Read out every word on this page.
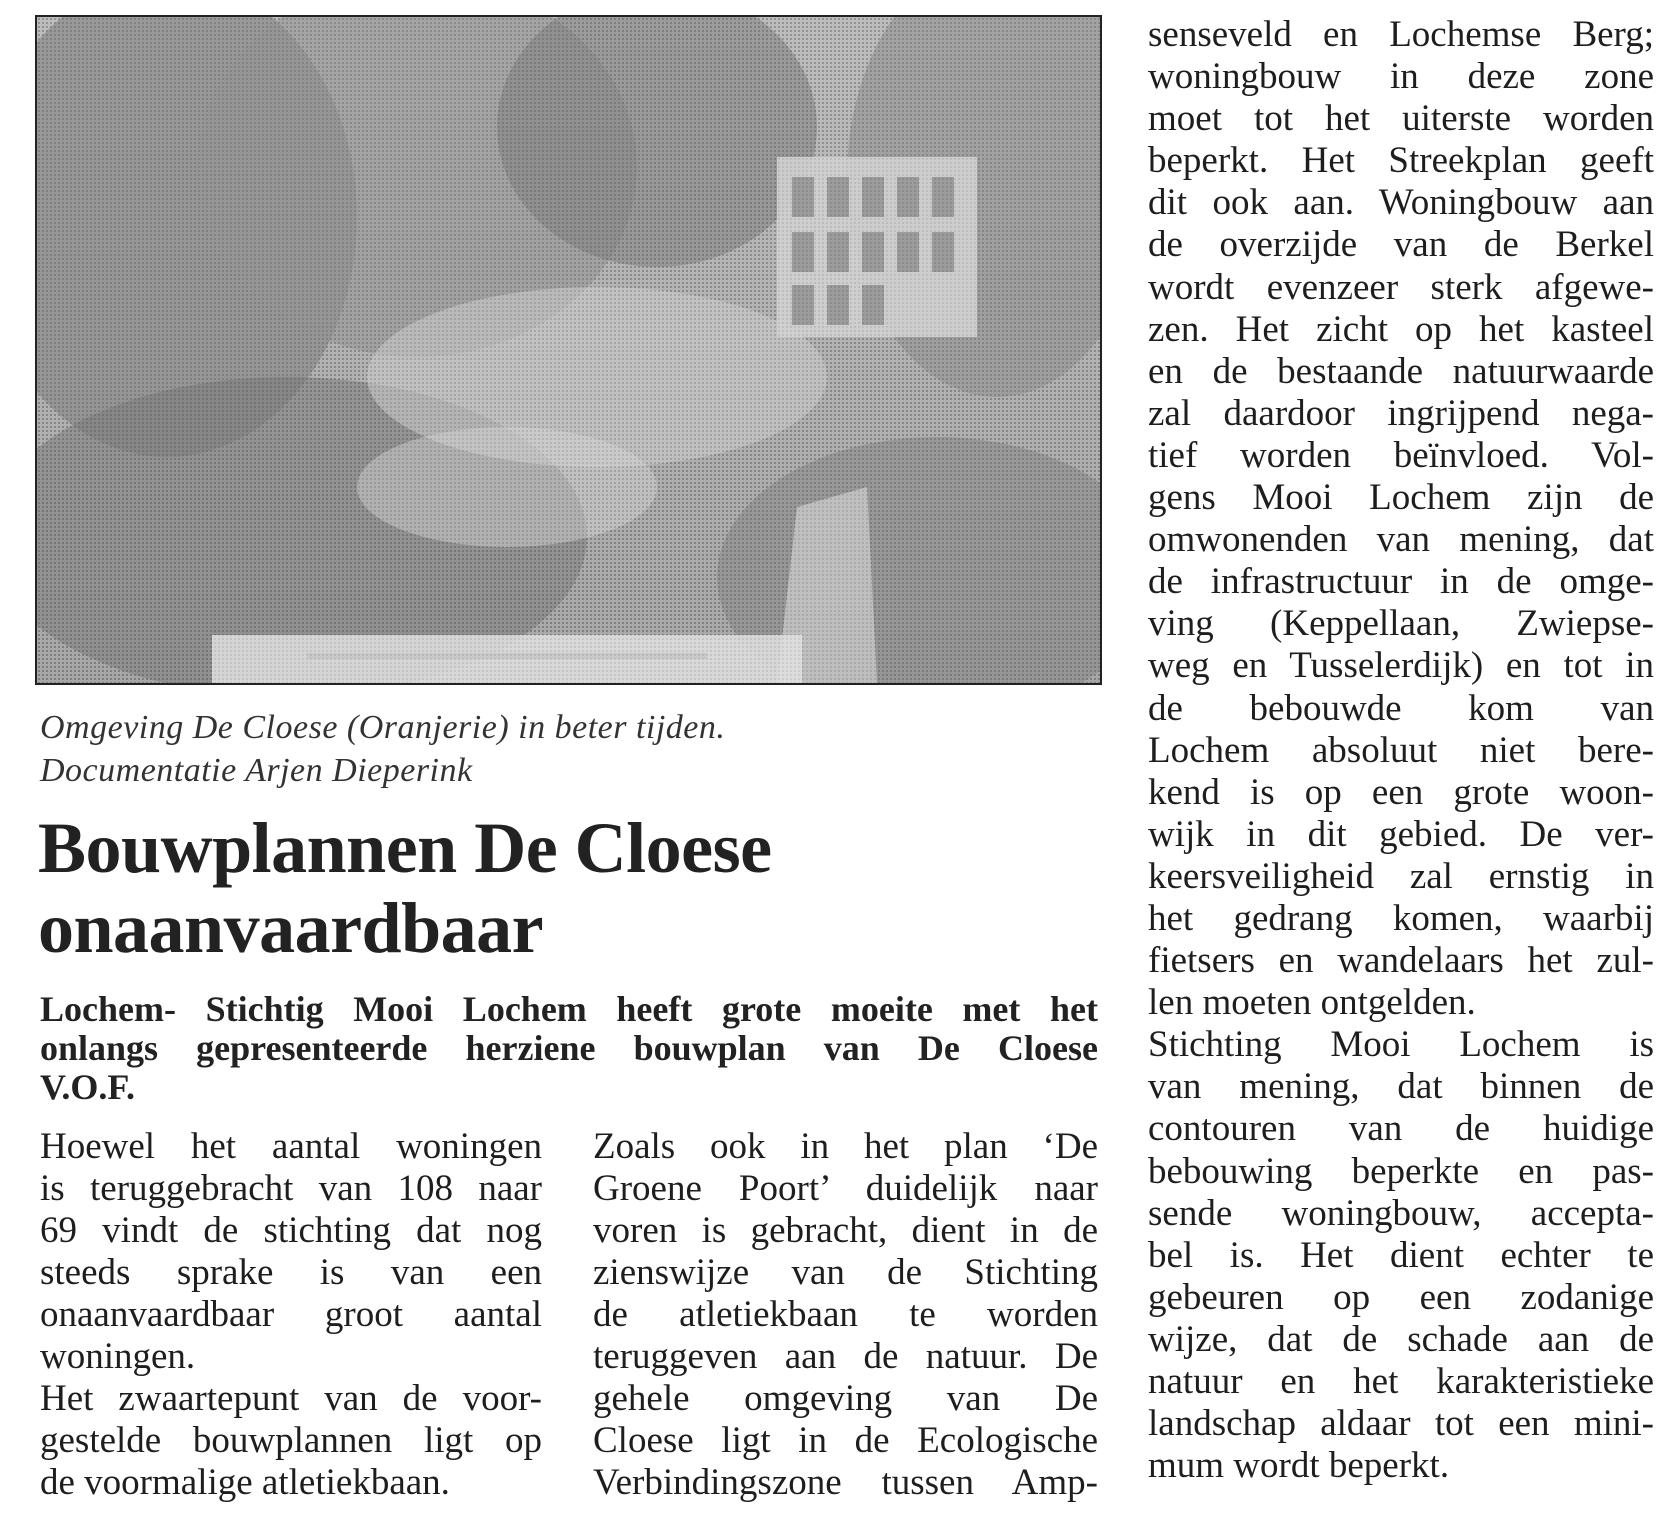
Omgeving De Cloese (Oranjerie) in beter tijden.
Documentatie Arjen Dieperink
Bouwplannen De Cloese
onaanvaardbaar
Lochem- Stichtig Mooi Lochem heeft grote moeite met het
onlangs gepresenteerde herziene bouwplan van De Cloese
V.O.F.
Hoewel het aantal woningen
is teruggebracht van 108 naar
69 vindt de stichting dat nog
steeds sprake is van een
onaanvaardbaar groot aantal
woningen.
Het zwaartepunt van de voor-
gestelde bouwplannen ligt op
de voormalige atletiekbaan.
Zoals ook in het plan ‘De
Groene Poort’ duidelijk naar
voren is gebracht, dient in de
zienswijze van de Stichting
de atletiekbaan te worden
teruggeven aan de natuur. De
gehele omgeving van De
Cloese ligt in de Ecologische
Verbindingszone tussen Amp-
senseveld en Lochemse Berg;
woningbouw in deze zone
moet tot het uiterste worden
beperkt. Het Streekplan geeft
dit ook aan. Woningbouw aan
de overzijde van de Berkel
wordt evenzeer sterk afgewe-
zen. Het zicht op het kasteel
en de bestaande natuurwaarde
zal daardoor ingrijpend nega-
tief worden beïnvloed. Vol-
gens Mooi Lochem zijn de
omwonenden van mening, dat
de infrastructuur in de omge-
ving (Keppellaan, Zwiepse-
weg en Tusselerdijk) en tot in
de bebouwde kom van
Lochem absoluut niet bere-
kend is op een grote woon-
wijk in dit gebied. De ver-
keersveiligheid zal ernstig in
het gedrang komen, waarbij
fietsers en wandelaars het zul-
len moeten ontgelden.
Stichting Mooi Lochem is
van mening, dat binnen de
contouren van de huidige
bebouwing beperkte en pas-
sende woningbouw, accepta-
bel is. Het dient echter te
gebeuren op een zodanige
wijze, dat de schade aan de
natuur en het karakteristieke
landschap aldaar tot een mini-
mum wordt beperkt.
